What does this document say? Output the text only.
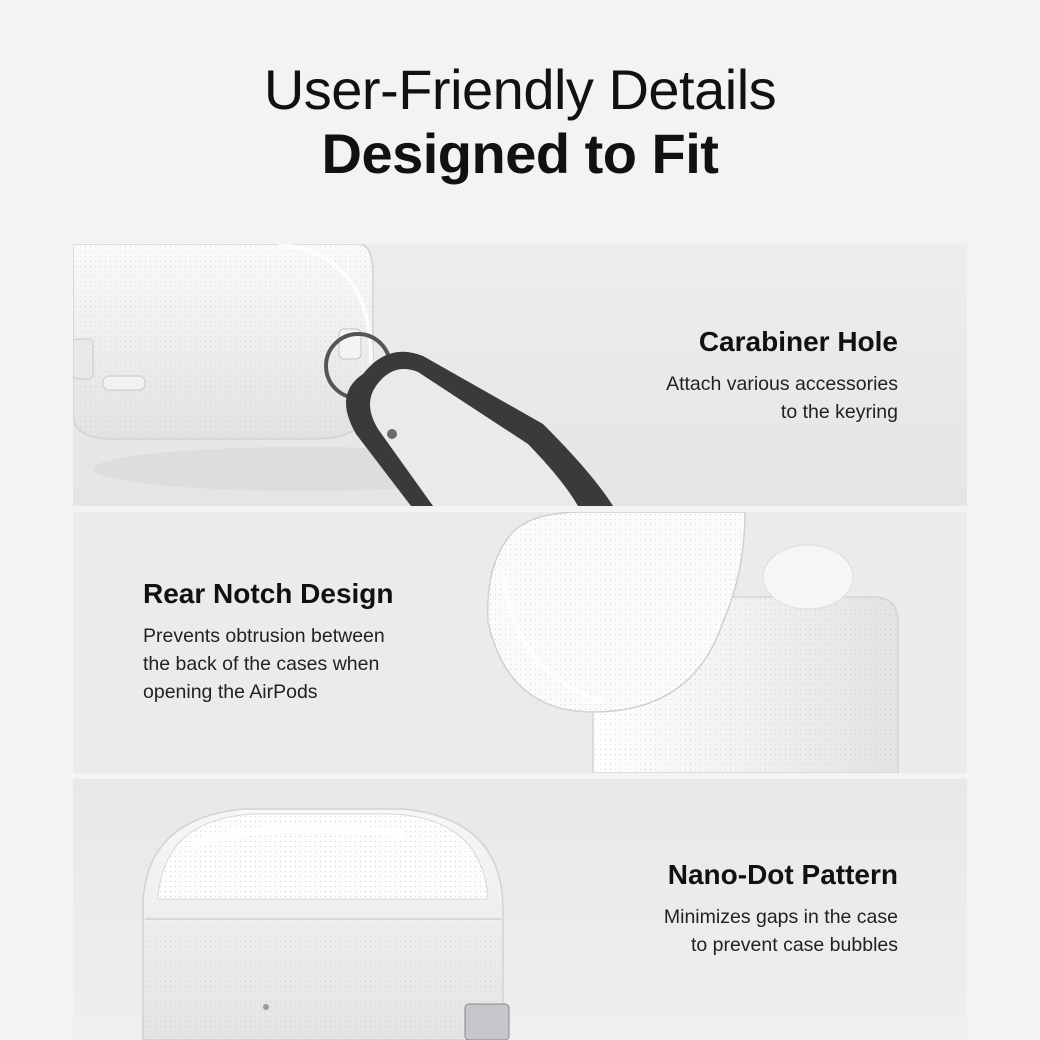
User-Friendly Details
Designed to Fit
Carabiner Hole
Attach various accessories
to the keyring
Rear Notch Design
Prevents obtrusion between
the back of the cases when
opening the AirPods
Nano-Dot Pattern
Minimizes gaps in the case
to prevent case bubbles
